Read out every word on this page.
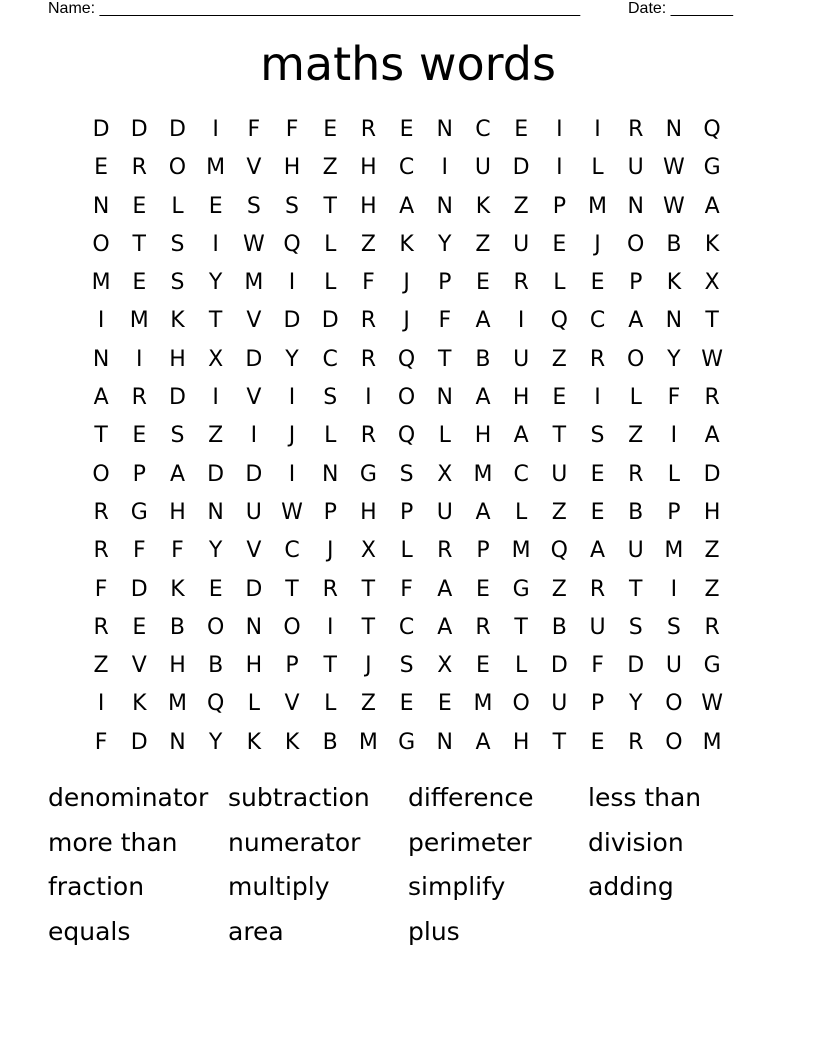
Name: ______________________________________________________	Date: _______
maths words
D D D	I	F	F	E	R	E	N	C	E	I	I	R	N Q
E	R O M V	H	Z	H	C	I	U D	I	L	U W G
N	E	L	E	S	S	T	H	A	N	K	Z	P	M N W A
O	T	S	I	W Q	L	Z	K	Y	Z	U	E	J	O B	K
M E	S	Y M	I	L	F	J	P	E	R	L	E	P	K	X
I	M K	T	V	D D	R	J	F	A	I	Q C	A	N	T
N	I	H	X	D	Y	C	R Q	T	B	U	Z	R O	Y W
A	R	D	I	V	I	S	I	O N	A	H	E	I	L	F	R
T	E	S	Z	I	J	L	R Q	L	H	A	T	S	Z	I	A
O	P	A	D D	I	N G	S	X M C	U	E	R	L	D
R	G H N U W P	H	P	U	A	L	Z	E	B	P	H
R	F	F	Y	V	C	J	X	L	R	P	M Q	A	U M Z
F	D	K	E	D	T	R	T	F	A	E	G	Z	R	T	I	Z
R	E	B O N O	I	T	C	A	R	T	B	U	S	S	R
Z	V	H	B	H	P	T	J	S	X	E	L	D	F	D U G
I	K M Q	L	V	L	Z	E	E M O U	P	Y	O W
F	D N	Y	K	K	B M G N	A	H	T	E	R O M
denominator subtraction	difference	less than
more than	numerator	perimeter	division
fraction	multiply	simplify	adding
equals	area	plus
